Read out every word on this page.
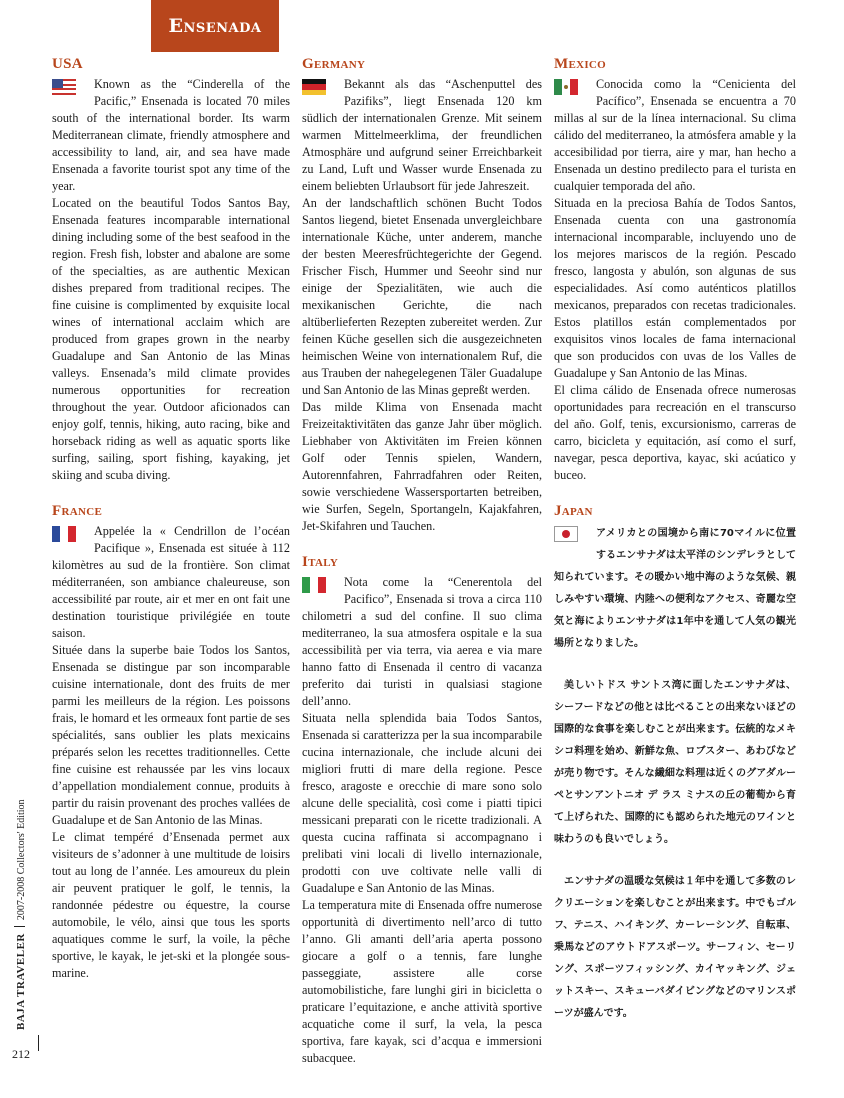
Ensenada
USA

Known as the “Cinderella of the Pacific,” Ensenada is located 70 miles south of the international border. Its warm Mediterranean climate, friendly atmosphere and accessibility to land, air, and sea have made Ensenada a favorite tourist spot any time of the year.

Located on the beautiful Todos Santos Bay, Ensenada features incomparable international dining including some of the best seafood in the region. Fresh fish, lobster and abalone are some of the specialties, as are authentic Mexican dishes prepared from traditional recipes. The fine cuisine is complimented by exquisite local wines of international acclaim which are produced from grapes grown in the nearby Guadalupe and San Antonio de las Minas valleys. Ensenada’s mild climate provides numerous opportunities for recreation throughout the year. Outdoor aficionados can enjoy golf, tennis, hiking, auto racing, bike and horseback riding as well as aquatic sports like surfing, sailing, sport fishing, kayaking, jet skiing and scuba diving.

France

Appelée la « Cendrillon de l’océan Pacifique », Ensenada est située à 112 kilomètres au sud de la frontière. Son climat méditerranéen, son ambiance chaleureuse, son accessibilité par route, air et mer en ont fait une destination touristique privilégiée en toute saison.

Située dans la superbe baie Todos los Santos, Ensenada se distingue par son incomparable cuisine internationale, dont des fruits de mer parmi les meilleurs de la région. Les poissons frais, le homard et les ormeaux font partie de ses spécialités, sans oublier les plats mexicains préparés selon les recettes traditionnelles. Cette fine cuisine est rehaussée par les vins locaux d’appellation mondialement connue, produits à partir du raisin provenant des proches vallées de Guadalupe et de San Antonio de las Minas.

Le climat tempéré d’Ensenada permet aux visiteurs de s’adonner à une multitude de loisirs tout au long de l’année. Les amoureux du plein air peuvent pratiquer le golf, le tennis, la randonnée pédestre ou équestre, la course automobile, le vélo, ainsi que tous les sports aquatiques comme le surf, la voile, la pêche sportive, le kayak, le jet-ski et la plongée sous-marine.

Germany

Bekannt als das “Aschenputtel des Pazifiks”, liegt Ensenada 120 km südlich der internationalen Grenze. Mit seinem warmen Mittelmeerklima, der freundlichen Atmosphäre und aufgrund seiner Erreichbarkeit zu Land, Luft und Wasser wurde Ensenada zu einem beliebten Urlaubsort für jede Jahreszeit.

An der landschaftlich schönen Bucht Todos Santos liegend, bietet Ensenada unvergleichbare internationale Küche, unter anderem, manche der besten Meeresfrüchtegerichte der Gegend. Frischer Fisch, Hummer und Seeohr sind nur einige der Spezialitäten, wie auch die mexikanischen Gerichte, die nach altüberlieferten Rezepten zubereitet werden. Zur feinen Küche gesellen sich die ausgezeichneten heimischen Weine von internationalem Ruf, die aus Trauben der nahegelegenen Täler Guadalupe und San Antonio de las Minas gepreßt werden.

Das milde Klima von Ensenada macht Freizeitaktivitäten das ganze Jahr über möglich. Liebhaber von Aktivitäten im Freien können Golf oder Tennis spielen, Wandern, Autorennfahren, Fahrradfahren oder Reiten, sowie verschiedene Wassersportarten betreiben, wie Surfen, Segeln, Sportangeln, Kajakfahren, Jet-Skifahren und Tauchen.

Italy

Nota come la “Cenerentola del Pacifico”, Ensenada si trova a circa 110 chilometri a sud del confine. Il suo clima mediterraneo, la sua atmosfera ospitale e la sua accessibilità per via terra, via aerea e via mare hanno fatto di Ensenada il centro di vacanza preferito dai turisti in qualsiasi stagione dell’anno.

Situata nella splendida baia Todos Santos, Ensenada si caratterizza per la sua incomparabile cucina internazionale, che include alcuni dei migliori frutti di mare della regione. Pesce fresco, aragoste e orecchie di mare sono solo alcune delle specialità, così come i piatti tipici messicani preparati con le ricette tradizionali. A questa cucina raffinata si accompagnano i prelibati vini locali di livello internazionale, prodotti con uve coltivate nelle valli di Guadalupe e San Antonio de las Minas.

La temperatura mite di Ensenada offre numerose opportunità di divertimento nell’arco di tutto l’anno. Gli amanti dell’aria aperta possono giocare a golf o a tennis, fare lunghe passeggiate, assistere alle corse automobilistiche, fare lunghi giri in bicicletta o praticare l’equitazione, e anche attività sportive acquatiche come il surf, la vela, la pesca sportiva, fare kayak, sci d’acqua e immersioni subacquee.

Mexico

Conocida como la “Cenicienta del Pacífico”, Ensenada se encuentra a 70 millas al sur de la línea internacional. Su clima cálido del mediterraneo, la atmósfera amable y la accesibilidad por tierra, aire y mar, han hecho a Ensenada un destino predilecto para el turista en cualquier temporada del año.

Situada en la preciosa Bahía de Todos Santos, Ensenada cuenta con una gastronomía internacional incomparable, incluyendo uno de los mejores mariscos de la región. Pescado fresco, langosta y abulón, son algunas de sus especialidades. Así como auténticos platillos mexicanos, preparados con recetas tradicionales. Estos platillos están complementados por exquisitos vinos locales de fama internacional que son producidos con uvas de los Valles de Guadalupe y San Antonio de las Minas.

El clima cálido de Ensenada ofrece numerosas oportunidades para recreación en el transcurso del año. Golf, tenis, excursionismo, carreras de carro, bicicleta y equitación, así como el surf, navegar, pesca deportiva, kayac, ski acúatico y buceo.

Japan

アメリカとの国境から南に70マイルに位置するエンサナダは太平洋のシンデレラとして知られています。その暖かい地中海のような気候、親しみやすい環境、内陸への便利なアクセス、奇麗な空気と海によりエンサナダは1年中を通して人気の観光場所となりました。

美しいトドス サントス湾に面したエンサナダは、シーフードなどの他とは比べることの出来ないほどの国際的な食事を楽しむことが出来ます。伝統的なメキシコ料理を始め、新鮮な魚、ロブスター、あわびなどが売り物です。そんな繊細な料理は近くのグアダルーペとサンアントニオ デ ラス ミナスの丘の葡萄から育て上げられた、国際的にも認められた地元のワインと味わうのも良いでしょう。

エンサナダの温暖な気候は１年中を通して多数のレクリエーションを楽しむことが出来ます。中でもゴルフ、テニス、ハイキング、カーレーシング、自転車、乗馬などのアウトドアスポーツ。サーフィン、セーリング、スポーツフィッシング、カイヤッキング、ジェットスキー、スキューバダイビングなどのマリンスポーツが盛んです。

BAJA TRAVELER2007-2008 Collectors' Edition
212
